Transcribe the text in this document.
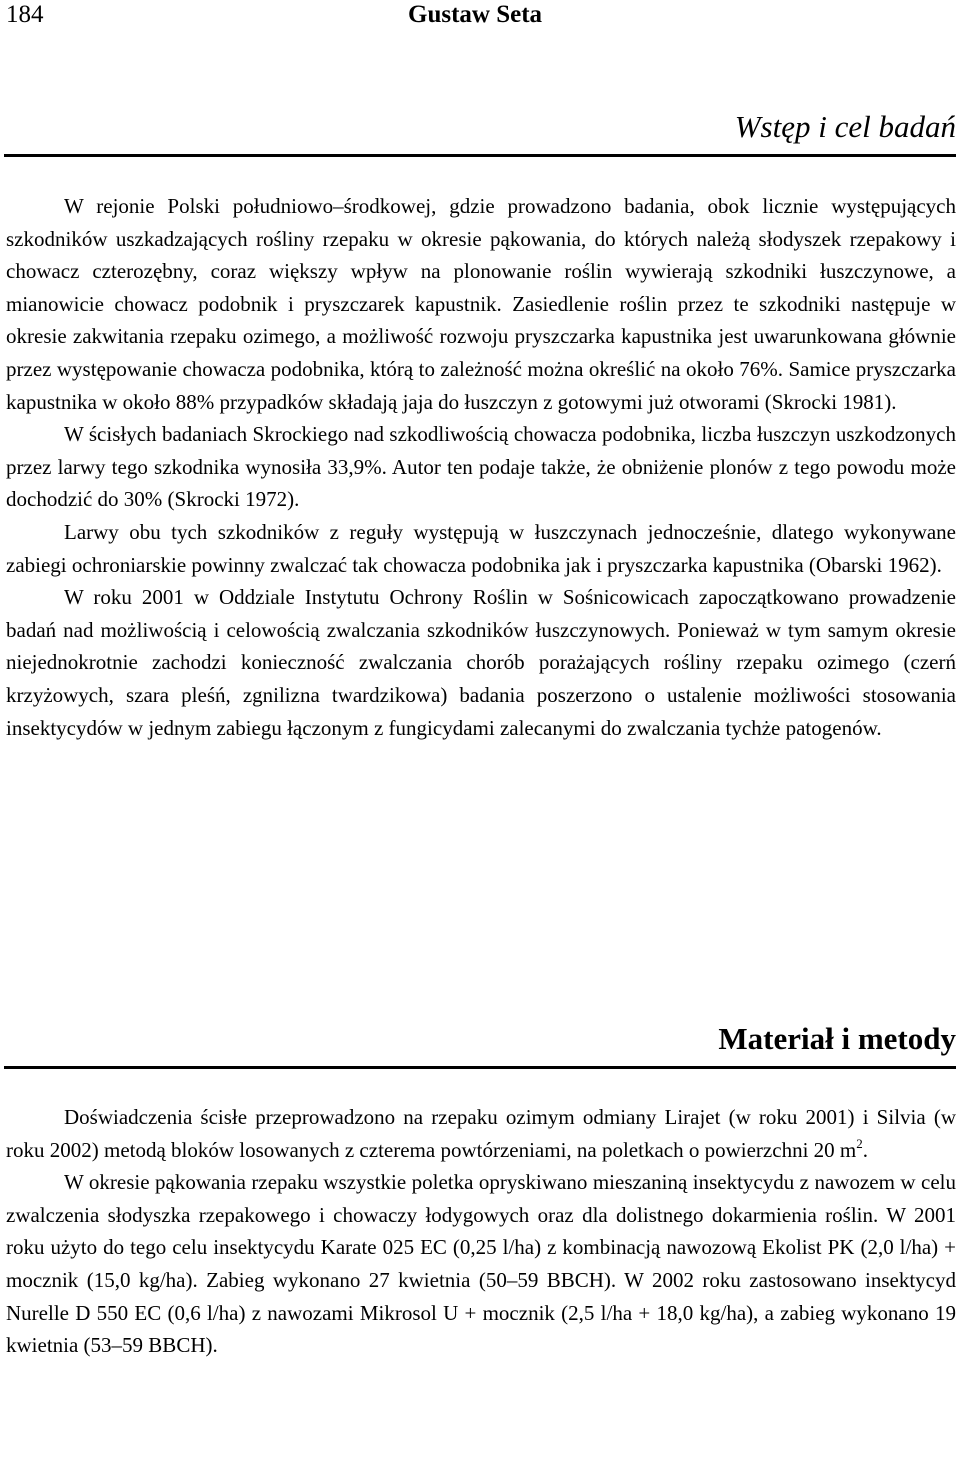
184	Gustaw Seta
Wstęp i cel badań

W rejonie Polski południowo–środkowej, gdzie prowadzono badania, obok licznie występujących szkodników uszkadzających rośliny rzepaku w okresie pąkowania, do których należą słodyszek rzepakowy i chowacz czterozębny, coraz większy wpływ na plonowanie roślin wywierają szkodniki łuszczynowe, a mianowicie chowacz podobnik i pryszczarek kapustnik. Zasiedlenie roślin przez te szkodniki następuje w okresie zakwitania rzepaku ozimego, a możliwość rozwoju pryszczarka kapustnika jest uwarunkowana głównie przez występowanie chowacza podobnika, którą to zależność można określić na około 76%. Samice pryszczarka kapustnika w około 88% przypadków składają jaja do łuszczyn z gotowymi już otworami (Skrocki 1981).

W ścisłych badaniach Skrockiego nad szkodliwością chowacza podobnika, liczba łuszczyn uszkodzonych przez larwy tego szkodnika wynosiła 33,9%. Autor ten podaje także, że obniżenie plonów z tego powodu może dochodzić do 30% (Skrocki 1972).

Larwy obu tych szkodników z reguły występują w łuszczynach jednocześnie, dlatego wykonywane zabiegi ochroniarskie powinny zwalczać tak chowacza podobnika jak i pryszczarka kapustnika (Obarski 1962).

W roku 2001 w Oddziale Instytutu Ochrony Roślin w Sośnicowicach zapoczątkowano prowadzenie badań nad możliwością i celowością zwalczania szkodników łuszczynowych. Ponieważ w tym samym okresie niejednokrotnie zachodzi konieczność zwalczania chorób porażających rośliny rzepaku ozimego (czerń krzyżowych, szara pleśń, zgnilizna twardzikowa) badania poszerzono o ustalenie możliwości stosowania insektycydów w jednym zabiegu łączonym z fungicydami zalecanymi do zwalczania tychże patogenów.

Materiał i metody

Doświadczenia ścisłe przeprowadzono na rzepaku ozimym odmiany Lirajet (w roku 2001) i Silvia (w roku 2002) metodą bloków losowanych z czterema powtórzeniami, na poletkach o powierzchni 20 $m^2$.

W okresie pąkowania rzepaku wszystkie poletka opryskiwano mieszaniną insektycydu z nawozem w celu zwalczenia słodyszka rzepakowego i chowaczy łodygowych oraz dla dolistnego dokarmienia roślin. W 2001 roku użyto do tego celu insektycydu Karate 025 EC (0,25 l/ha) z kombinacją nawozową Ekolist PK (2,0 l/ha) + mocznik (15,0 kg/ha). Zabieg wykonano 27 kwietnia (50–59 BBCH). W 2002 roku zastosowano insektycyd Nurelle D 550 EC (0,6 l/ha) z nawozami Mikrosol U + mocznik (2,5 l/ha + 18,0 kg/ha), a zabieg wykonano 19 kwietnia (53–59 BBCH).
